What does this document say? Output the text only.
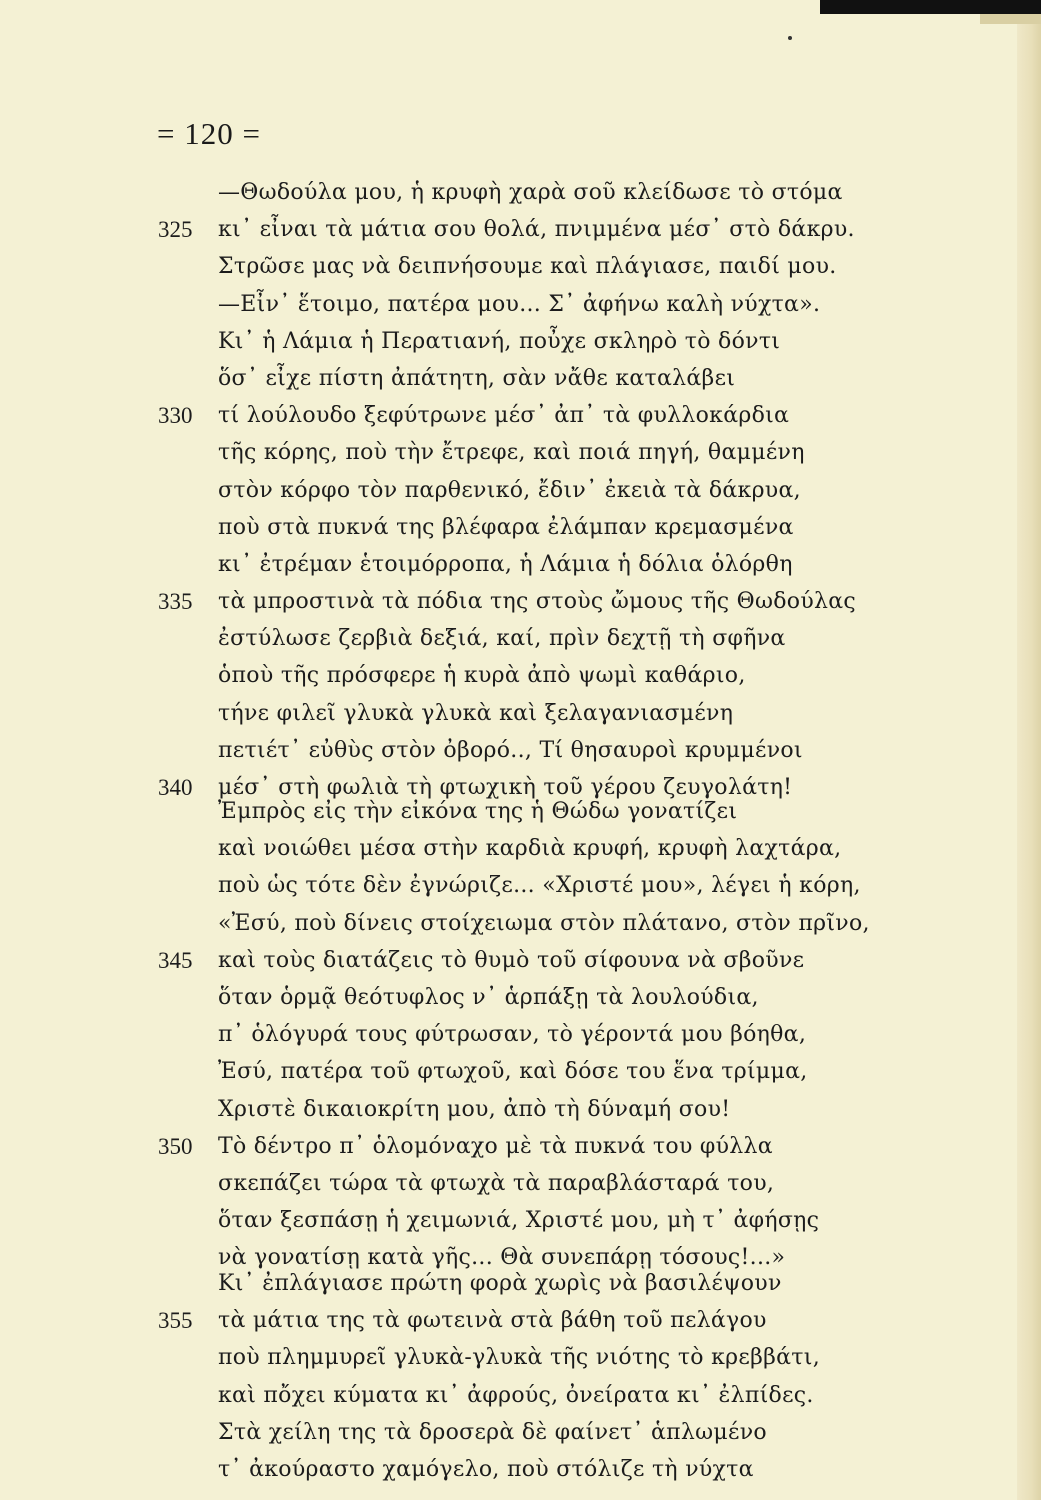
= 120 =
—Θωδούλα μου, ἡ κρυφὴ χαρὰ σοῦ κλείδωσε τὸ στόμα
325	κι᾽ εἶναι τὰ μάτια σου θολά, πνιμμένα μέσ᾽ στὸ δάκρυ.
Στρῶσε μας νὰ δειπνήσουμε καὶ πλάγιασε, παιδί μου.
—Εἶν᾽ ἕτοιμο, πατέρα μου... Σ᾽ ἀφήνω καλὴ νύχτα».
Κι᾽ ἡ Λάμια ἡ Περατιανή, ποὖχε σκληρὸ τὸ δόντι
ὅσ᾽ εἶχε πίστη ἀπάτητη, σὰν νἄθε καταλάβει
330	τί λούλουδο ξεφύτρωνε μέσ᾽ ἀπ᾽ τὰ φυλλοκάρδια
τῆς κόρης, ποὺ τὴν ἔτρεφε, καὶ ποιά πηγή, θαμμένη
στὸν κόρφο τὸν παρθενικό, ἔδιν᾽ ἐκειὰ τὰ δάκρυα,
ποὺ στὰ πυκνά της βλέφαρα ἐλάμπαν κρεμασμένα
κι᾽ ἐτρέμαν ἑτοιμόρροπα, ἡ Λάμια ἡ δόλια ὁλόρθη
335	τὰ μπροστινὰ τὰ πόδια της στοὺς ὤμους τῆς Θωδούλας
ἐστύλωσε ζερβιὰ δεξιά, καί, πρὶν δεχτῇ τὴ σφῆνα
ὁποὺ τῆς πρόσφερε ἡ κυρὰ ἀπὸ ψωμὶ καθάριο,
τήνε φιλεῖ γλυκὰ γλυκὰ καὶ ξελαγανιασμένη
πετιέτ᾽ εὐθὺς στὸν ὀβορό.., Τί θησαυροὶ κρυμμένοι
340	μέσ᾽ στὴ φωλιὰ τὴ φτωχικὴ τοῦ γέρου ζευγολάτη!
Ἐμπρὸς εἰς τὴν εἰκόνα της ἡ Θώδω γονατίζει
καὶ νοιώθει μέσα στὴν καρδιὰ κρυφή, κρυφὴ λαχτάρα,
ποὺ ὡς τότε δὲν ἐγνώριζε... «Χριστέ μου», λέγει ἡ κόρη,
«Ἐσύ, ποὺ δίνεις στοίχειωμα στὸν πλάτανο, στὸν πρῖνο,
345	καὶ τοὺς διατάζεις τὸ θυμὸ τοῦ σίφουνα νὰ σβοῦνε
ὅταν ὁρμᾷ θεότυφλος ν᾽ ἁρπάξῃ τὰ λουλούδια,
π᾽ ὁλόγυρά τους φύτρωσαν, τὸ γέροντά μου βόηθα,
Ἐσύ, πατέρα τοῦ φτωχοῦ, καὶ δόσε του ἕνα τρίμμα,
Χριστὲ δικαιοκρίτη μου, ἀπὸ τὴ δύναμή σου!
350	Τὸ δέντρο π᾽ ὁλομόναχο μὲ τὰ πυκνά του φύλλα
σκεπάζει τώρα τὰ φτωχὰ τὰ παραβλάσταρά του,
ὅταν ξεσπάσῃ ἡ χειμωνιά, Χριστέ μου, μὴ τ᾽ ἀφήσῃς
νὰ γονατίσῃ κατὰ γῆς... Θὰ συνεπάρῃ τόσους!...»
Κι᾽ ἐπλάγιασε πρώτη φορὰ χωρὶς νὰ βασιλέψουν
355	τὰ μάτια της τὰ φωτεινὰ στὰ βάθη τοῦ πελάγου
ποὺ πλημμυρεῖ γλυκὰ-γλυκὰ τῆς νιότης τὸ κρεββάτι,
καὶ πὄχει κύματα κι᾽ ἀφρούς, ὀνείρατα κι᾽ ἐλπίδες.
Στὰ χείλη της τὰ δροσερὰ δὲ φαίνετ᾽ ἁπλωμένο
τ᾽ ἀκούραστο χαμόγελο, ποὺ στόλιζε τὴ νύχτα
